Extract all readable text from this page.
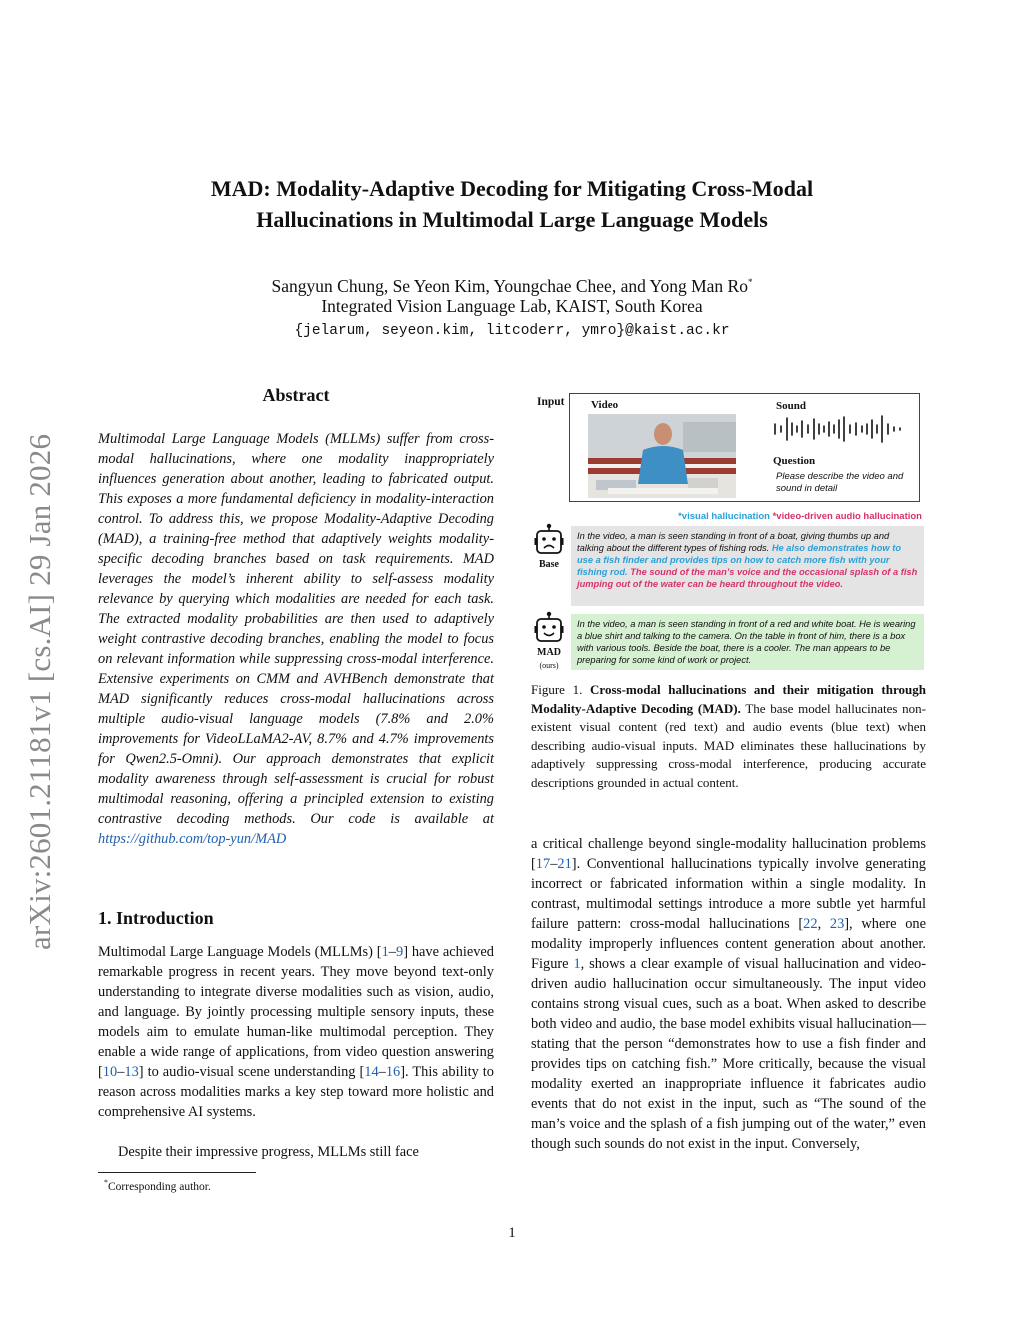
arXiv:2601.21181v1 [cs.AI] 29 Jan 2026
MAD: Modality-Adaptive Decoding for Mitigating Cross-Modal
Hallucinations in Multimodal Large Language Models
Sangyun Chung, Se Yeon Kim, Youngchae Chee, and Yong Man Ro*
Integrated Vision Language Lab, KAIST, South Korea
{jelarum, seyeon.kim, litcoderr, ymro}@kaist.ac.kr
Abstract
Multimodal Large Language Models (MLLMs) suffer from cross-modal hallucinations, where one modality inappropriately influences generation about another, leading to fabricated output. This exposes a more fundamental deficiency in modality-interaction control. To address this, we propose Modality-Adaptive Decoding (MAD), a training-free method that adaptively weights modality-specific decoding branches based on task requirements. MAD leverages the model’s inherent ability to self-assess modality relevance by querying which modalities are needed for each task. The extracted modality probabilities are then used to adaptively weight contrastive decoding branches, enabling the model to focus on relevant information while suppressing cross-modal interference. Extensive experiments on CMM and AVHBench demonstrate that MAD significantly reduces cross-modal hallucinations across multiple audio-visual language models (7.8% and 2.0% improvements for VideoLLaMA2-AV, 8.7% and 4.7% improvements for Qwen2.5-Omni). Our approach demonstrates that explicit modality awareness through self-assessment is crucial for robust multimodal reasoning, offering a principled extension to existing contrastive decoding methods. Our code is available at https://github.com/top-yun/MAD
1. Introduction
Multimodal Large Language Models (MLLMs) [1–9] have achieved remarkable progress in recent years. They move beyond text-only understanding to integrate diverse modalities such as vision, audio, and language. By jointly processing multiple sensory inputs, these models aim to emulate human-like multimodal perception. They enable a wide range of applications, from video question answering [10–13] to audio-visual scene understanding [14–16]. This ability to reason across modalities marks a key step toward more holistic and comprehensive AI systems.
Despite their impressive progress, MLLMs still face
*Corresponding author.
Input Video	Sound
Question
Please describe the video and sound in detail
*visual hallucination *video-driven audio hallucination
Base
In the video, a man is seen standing in front of a boat, giving thumbs up and talking about the different types of fishing rods. He also demonstrates how to use a fish finder and provides tips on how to catch more fish with your fishing rod. The sound of the man’s voice and the occasional splash of a fish jumping out of the water can be heard throughout the video.
MAD
(ours)
In the video, a man is seen standing in front of a red and white boat. He is wearing a blue shirt and talking to the camera. On the table in front of him, there is a box with various tools. Beside the boat, there is a cooler. The man appears to be preparing for some kind of work or project.
Figure 1. Cross-modal hallucinations and their mitigation through Modality-Adaptive Decoding (MAD). The base model hallucinates non-existent visual content (red text) and audio events (blue text) when describing audio-visual inputs. MAD eliminates these hallucinations by adaptively suppressing cross-modal interference, producing accurate descriptions grounded in actual content.
a critical challenge beyond single-modality hallucination problems [17–21]. Conventional hallucinations typically involve generating incorrect or fabricated information within a single modality. In contrast, multimodal settings introduce a more subtle yet harmful failure pattern: cross-modal hallucinations [22, 23], where one modality improperly influences content generation about another. Figure 1, shows a clear example of visual hallucination and video-driven audio hallucination occur simultaneously. The input video contains strong visual cues, such as a boat. When asked to describe both video and audio, the base model exhibits visual hallucination—stating that the person “demonstrates how to use a fish finder and provides tips on catching fish.” More critically, because the visual modality exerted an inappropriate influence it fabricates audio events that do not exist in the input, such as “The sound of the man’s voice and the splash of a fish jumping out of the water,” even though such sounds do not exist in the input. Conversely,
1
